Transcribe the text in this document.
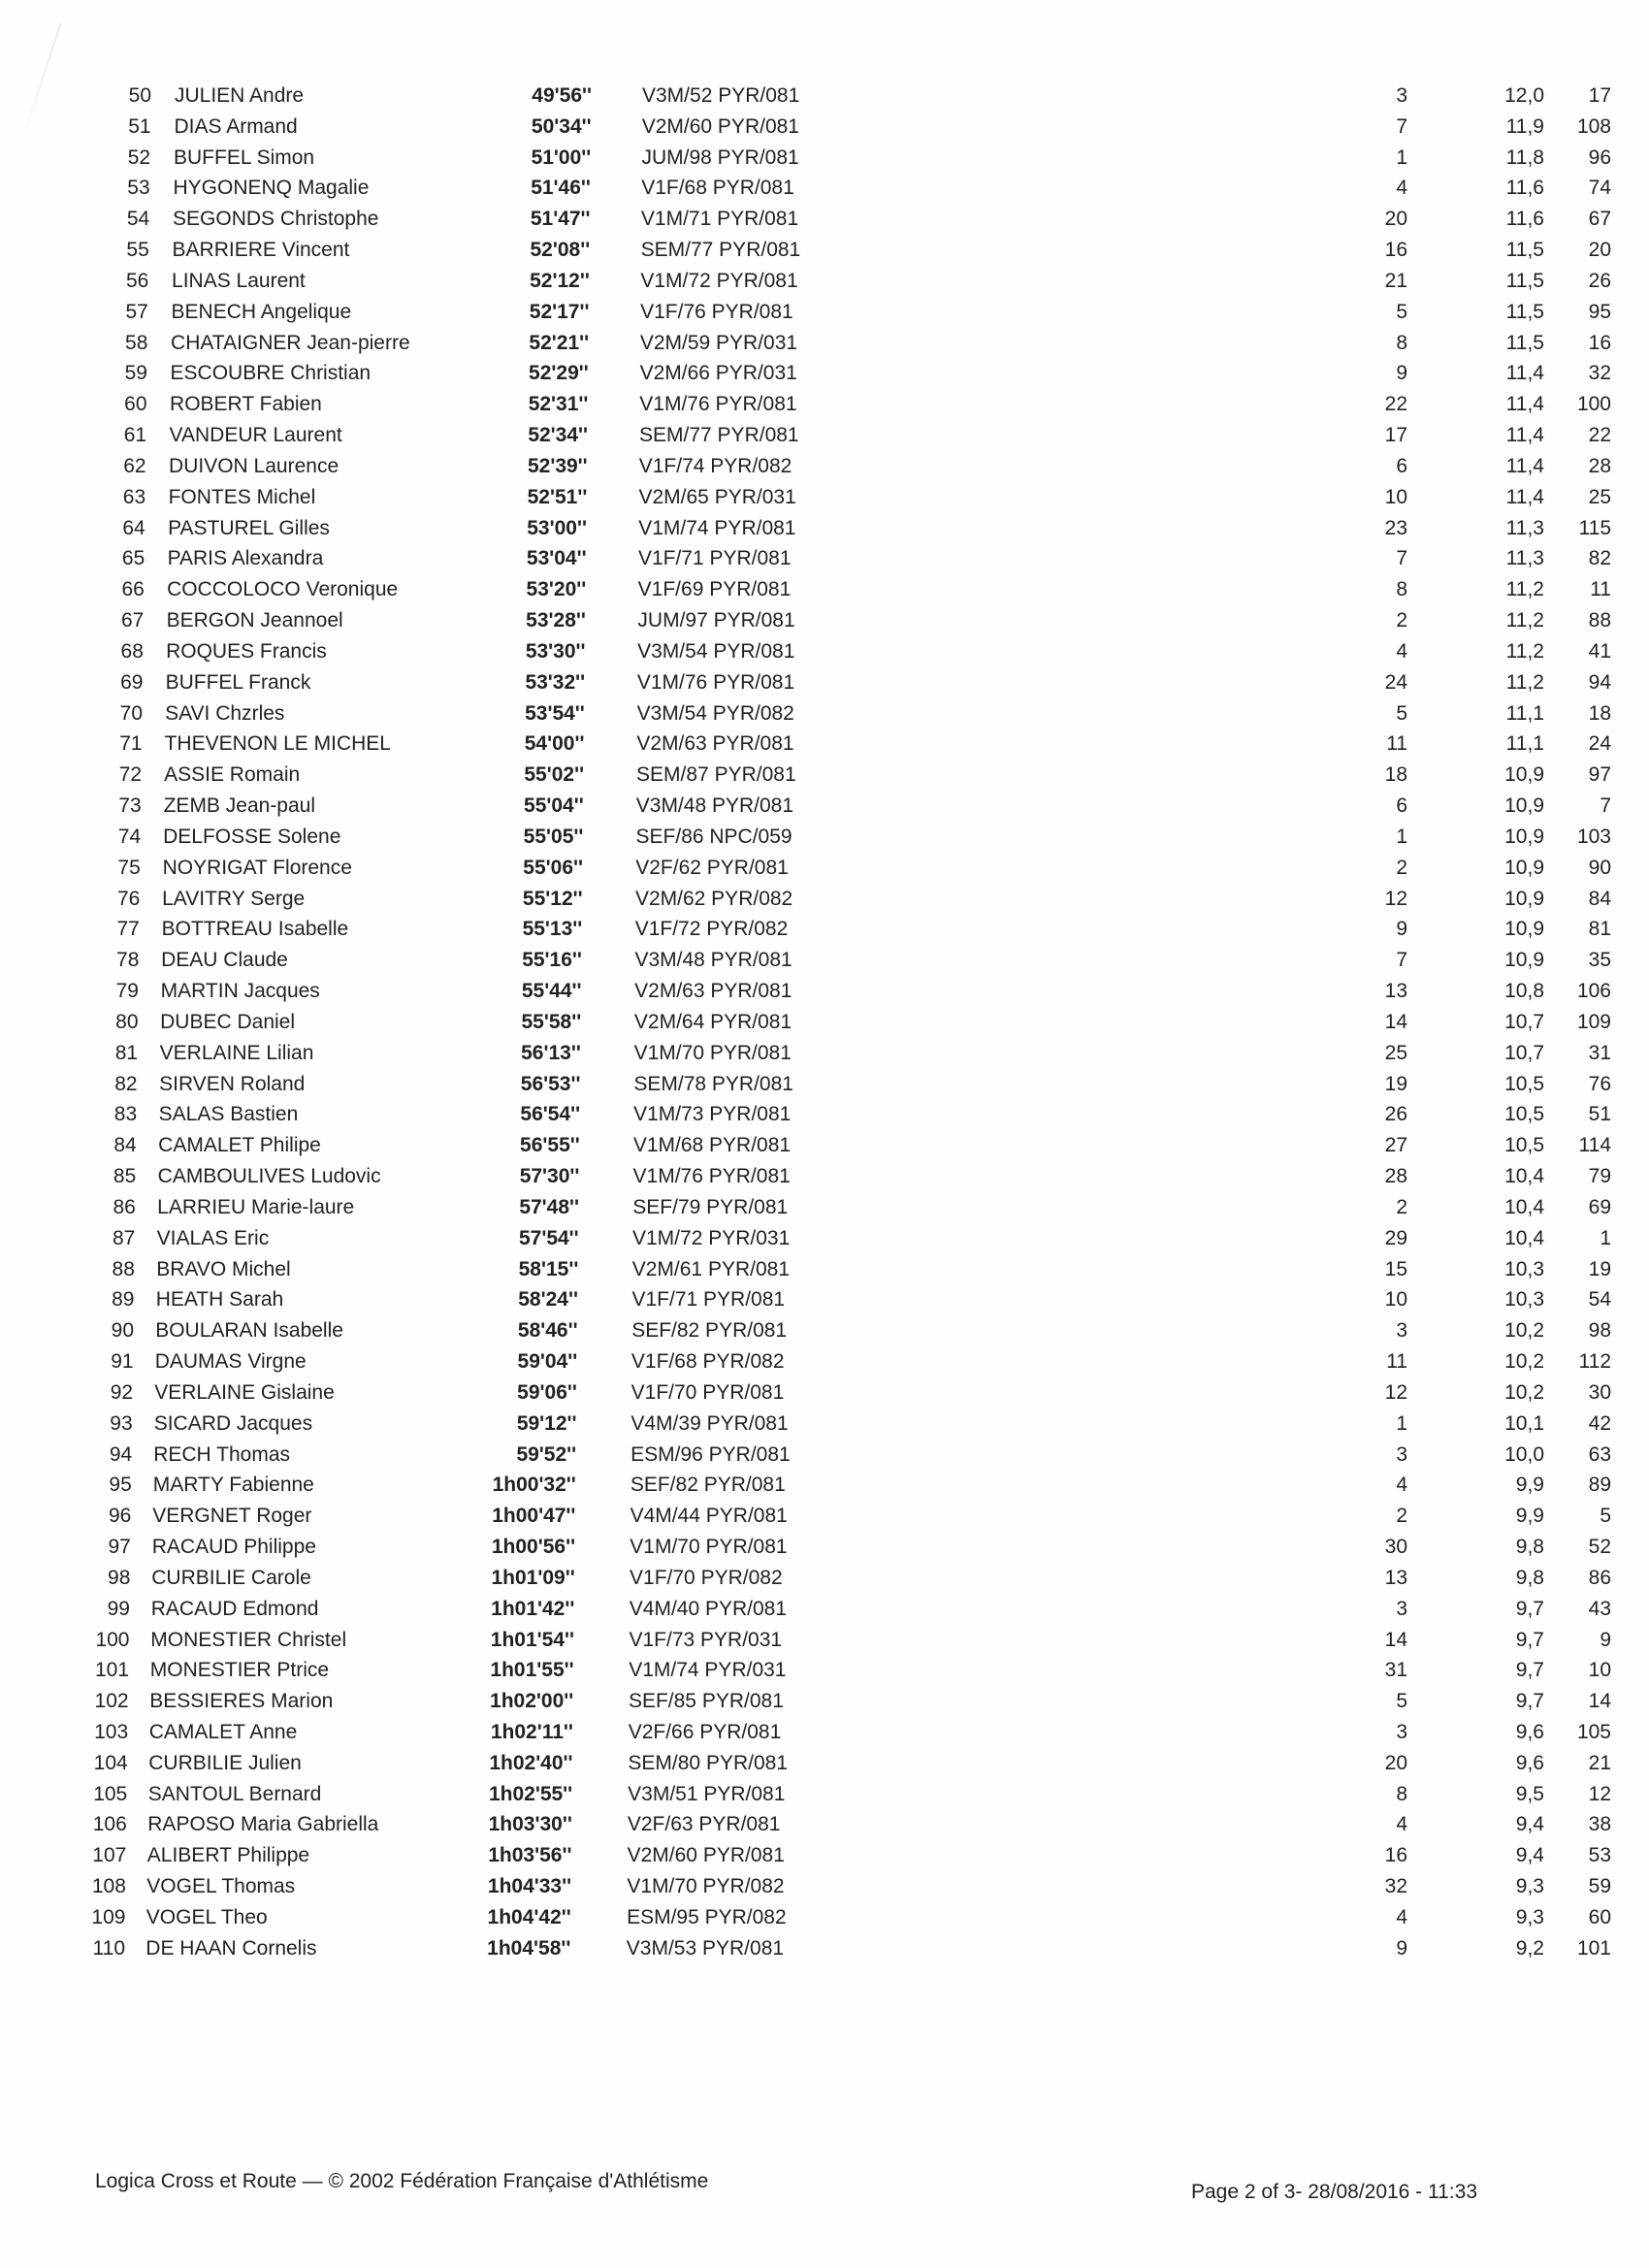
50 JULIEN Andre	49'56'' V3M/52 PYR/081	3	12,0	17
51 DIAS Armand	50'34'' V2M/60 PYR/081	7	11,9	108
52 BUFFEL Simon	51'00'' JUM/98 PYR/081	1	11,8	96
53 HYGONENQ Magalie	51'46'' V1F/68 PYR/081	4	11,6	74
54 SEGONDS Christophe	51'47'' V1M/71 PYR/081	20	11,6	67
55 BARRIERE Vincent	52'08'' SEM/77 PYR/081	16	11,5	20
56 LINAS Laurent	52'12''	V1M/72 PYR/081	21	11,5	26
57 BENECH Angelique	52'17''	V1F/76 PYR/081	5	11,5	95
58 CHATAIGNER Jean-pierre	52'21''	V2M/59 PYR/031	8	11,5	16
59 ESCOUBRE Christian	52'29''	V2M/66 PYR/031	9	11,4	32
60 ROBERT Fabien	52'31''	V1M/76 PYR/081	22	11,4	100
61 VANDEUR Laurent	52'34''	SEM/77 PYR/081	17	11,4	22
62 DUIVON Laurence	52'39''	V1F/74 PYR/082	6	11,4	28
63 FONTES Michel	52'51''	V2M/65 PYR/031	10	11,4	25
64 PASTUREL Gilles	53'00''	V1M/74 PYR/081	23	11,3	115
65 PARIS Alexandra	53'04''	V1F/71 PYR/081	7	11,3	82
66 COCCOLOCO Veronique	53'20''	V1F/69 PYR/081	8	11,2	11
67 BERGON Jeannoel	53'28''	JUM/97 PYR/081	2	11,2	88
68 ROQUES Francis	53'30''	V3M/54 PYR/081	4	11,2	41
69 BUFFEL Franck	53'32''	V1M/76 PYR/081	24	11,2	94
70 SAVI Chzrles	53'54''	V3M/54 PYR/082	5	11,1	18
71 THEVENON LE MICHEL	54'00''	V2M/63 PYR/081	11	11,1	24
72 ASSIE Romain	55'02''	SEM/87 PYR/081	18	10,9	97
73 ZEMB Jean-paul	55'04''	V3M/48 PYR/081	6	10,9	7
74 DELFOSSE Solene	55'05''	SEF/86 NPC/059	1	10,9	103
75 NOYRIGAT Florence	55'06''	V2F/62 PYR/081	2	10,9	90
76 LAVITRY Serge	55'12''	V2M/62 PYR/082	12	10,9	84
77 BOTTREAU Isabelle	55'13''	V1F/72 PYR/082	9	10,9	81
78 DEAU Claude	55'16''	V3M/48 PYR/081	7	10,9	35
79 MARTIN Jacques	55'44''	V2M/63 PYR/081	13	10,8	106
80 DUBEC Daniel	55'58''	V2M/64 PYR/081	14	10,7	109
81 VERLAINE Lilian	56'13''	V1M/70 PYR/081	25	10,7	31
82 SIRVEN Roland	56'53''	SEM/78 PYR/081	19	10,5	76
83 SALAS Bastien	56'54''	V1M/73 PYR/081	26	10,5	51
84 CAMALET Philipe	56'55''	V1M/68 PYR/081	27	10,5	114
85 CAMBOULIVES Ludovic	57'30''	V1M/76 PYR/081	28	10,4	79
86 LARRIEU Marie-laure	57'48''	SEF/79 PYR/081	2	10,4	69
87 VIALAS Eric	57'54''	V1M/72 PYR/031	29	10,4	1
88 BRAVO Michel	58'15''	V2M/61 PYR/081	15	10,3	19
89 HEATH Sarah	58'24''	V1F/71 PYR/081	10	10,3	54
90 BOULARAN Isabelle	58'46''	SEF/82 PYR/081	3	10,2	98
91 DAUMAS Virgne	59'04''	V1F/68 PYR/082	11	10,2	112
92 VERLAINE Gislaine	59'06''	V1F/70 PYR/081	12	10,2	30
93 SICARD Jacques	59'12''	V4M/39 PYR/081	1	10,1	42
94 RECH Thomas	59'52''	ESM/96 PYR/081	3	10,0	63
95 MARTY Fabienne	1h00'32''	SEF/82 PYR/081	4	9,9	89
96 VERGNET Roger	1h00'47''	V4M/44 PYR/081	2	9,9	5
97 RACAUD Philippe	1h00'56''	V1M/70 PYR/081	30	9,8	52
98 CURBILIE Carole	1h01'09''	V1F/70 PYR/082	13	9,8	86
99 RACAUD Edmond	1h01'42''	V4M/40 PYR/081	3	9,7	43
100 MONESTIER Christel	1h01'54''	V1F/73 PYR/031	14	9,7	9
101 MONESTIER Ptrice	1h01'55''	V1M/74 PYR/031	31	9,7	10
102 BESSIERES Marion	1h02'00''	SEF/85 PYR/081	5	9,7	14
103 CAMALET Anne	1h02'11''	V2F/66 PYR/081	3	9,6	105
104 CURBILIE Julien	1h02'40''	SEM/80 PYR/081	20	9,6	21
105 SANTOUL Bernard	1h02'55''	V3M/51 PYR/081	8	9,5	12
106 RAPOSO Maria Gabriella	1h03'30''	V2F/63 PYR/081	4	9,4	38
107 ALIBERT Philippe	1h03'56''	V2M/60 PYR/081	16	9,4	53
108 VOGEL Thomas	1h04'33''	V1M/70 PYR/082	32	9,3	59
109 VOGEL Theo	1h04'42''	ESM/95 PYR/082	4	9,3	60
110 DE HAAN Cornelis	1h04'58''	V3M/53 PYR/081	9	9,2	101
Logica Cross et Route — © 2002 Fédération Française d'Athlétisme	Page 2 of 3- 28/08/2016 - 11:33
